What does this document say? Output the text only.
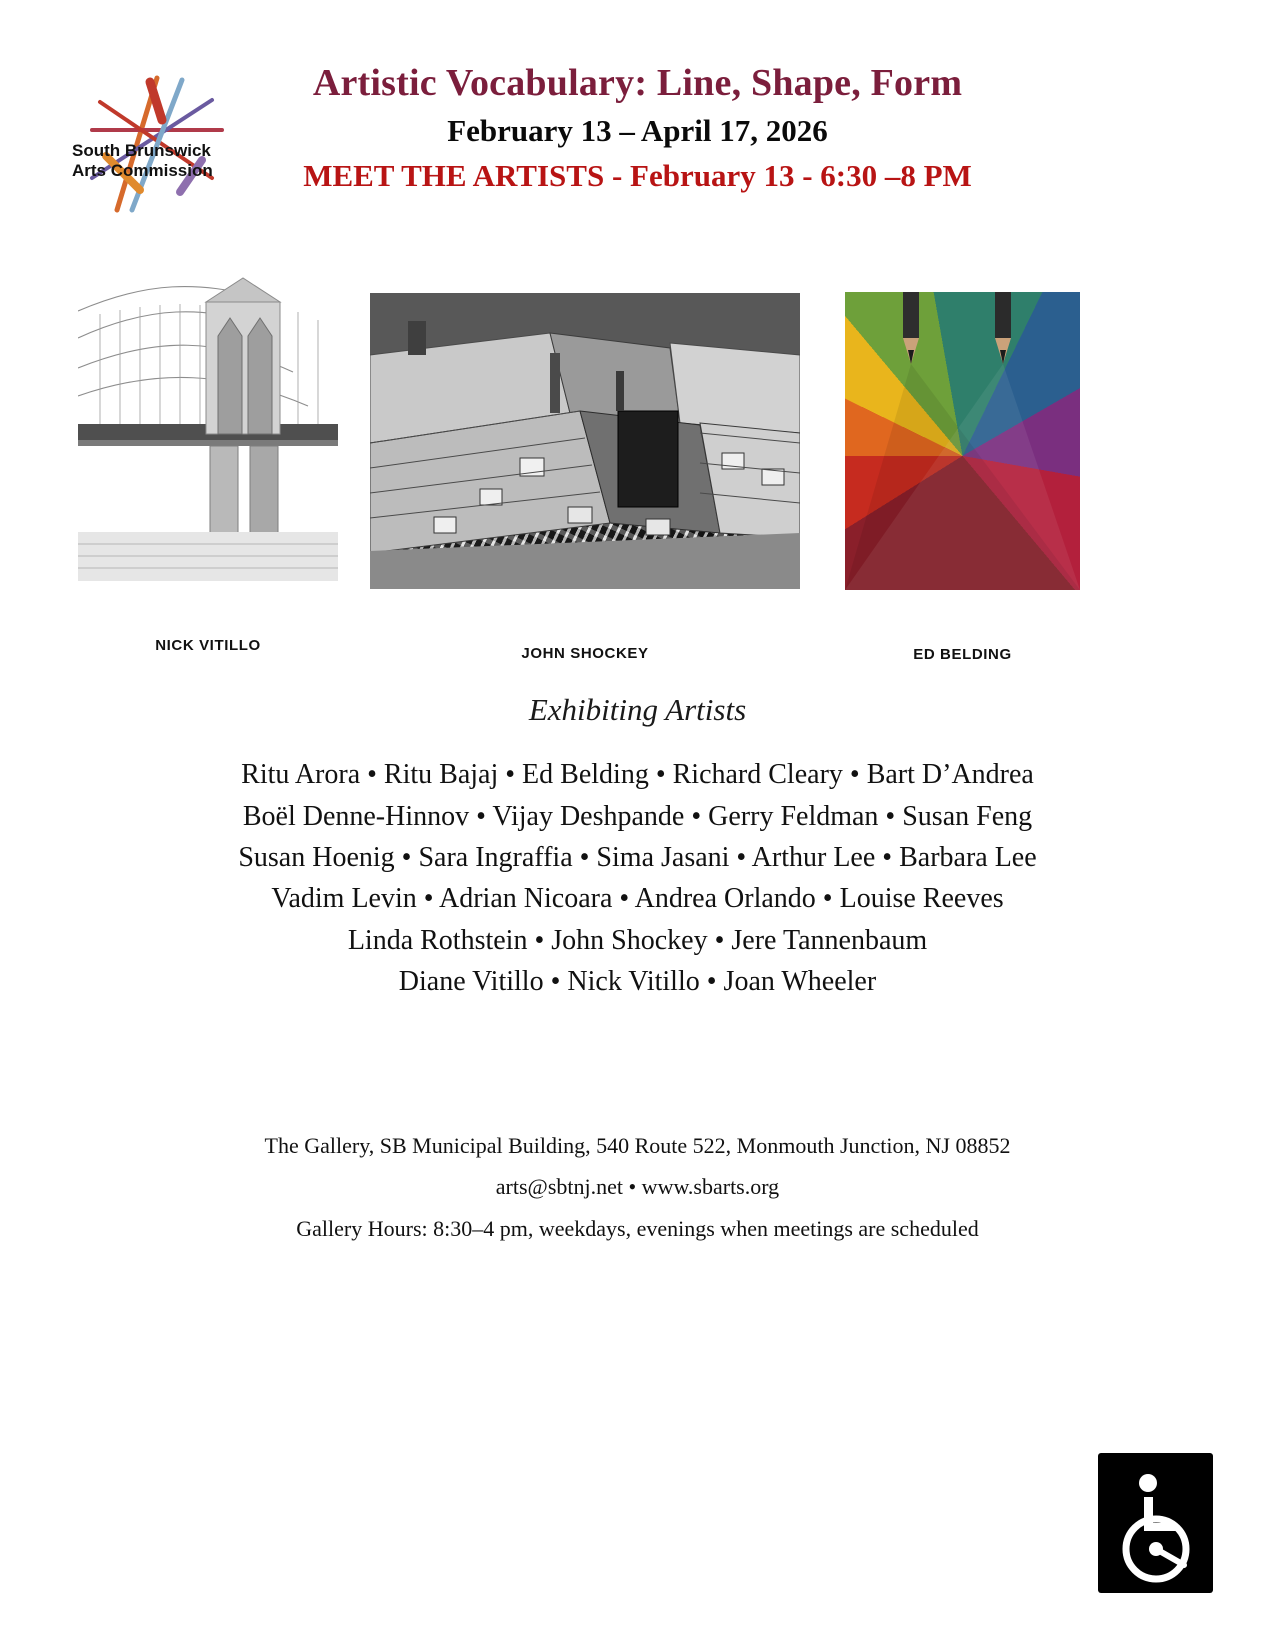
South Brunswick
Arts Commission
Artistic Vocabulary: Line, Shape, Form
February 13 – April 17, 2026
MEET THE ARTISTS - February 13 - 6:30 –8 PM
NICK VITILLO	JOHN SHOCKEY	ED BELDING
Exhibiting Artists
Ritu Arora • Ritu Bajaj • Ed Belding • Richard Cleary • Bart D’Andrea
Boël Denne-Hinnov • Vijay Deshpande • Gerry Feldman • Susan Feng
Susan Hoenig • Sara Ingraffia • Sima Jasani • Arthur Lee • Barbara Lee
Vadim Levin • Adrian Nicoara • Andrea Orlando • Louise Reeves
Linda Rothstein • John Shockey • Jere Tannenbaum
Diane Vitillo • Nick Vitillo • Joan Wheeler
The Gallery, SB Municipal Building, 540 Route 522, Monmouth Junction, NJ 08852
arts@sbtnj.net • www.sbarts.org
Gallery Hours: 8:30–4 pm, weekdays, evenings when meetings are scheduled
